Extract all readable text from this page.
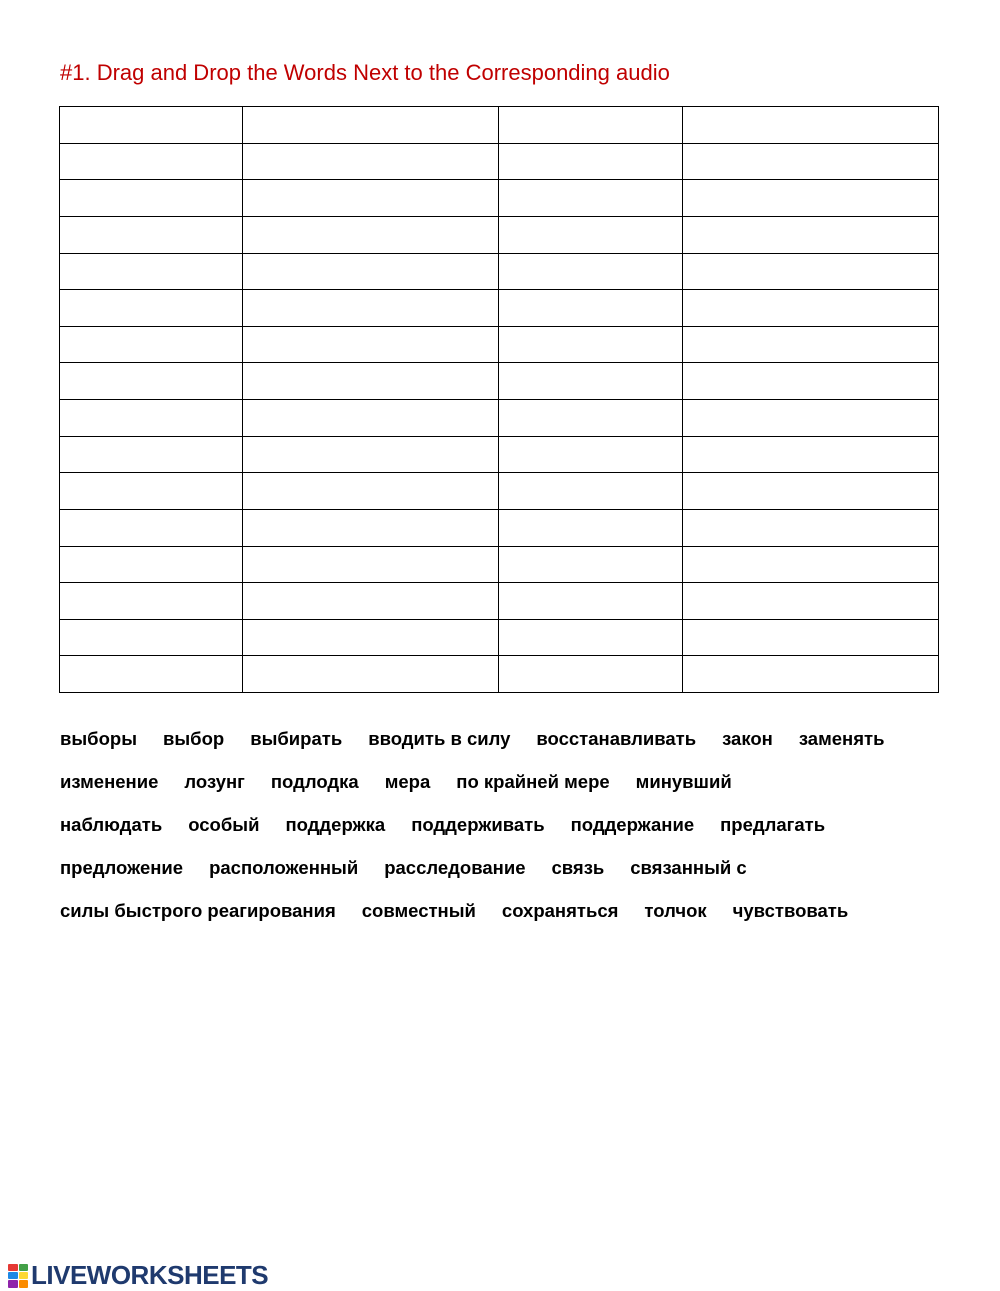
#1. Drag and Drop the Words Next to the Corresponding audio

выборы выбор выбирать вводить в силу восстанавливать закон заменять
изменение лозунг подлодка мера по крайней мере минувший
наблюдать особый поддержка поддерживать поддержание предлагать
предложение расположенный расследование связь связанный с
силы быстрого реагирования совместный сохраняться толчок чувствовать
LIVEWORKSHEETS
